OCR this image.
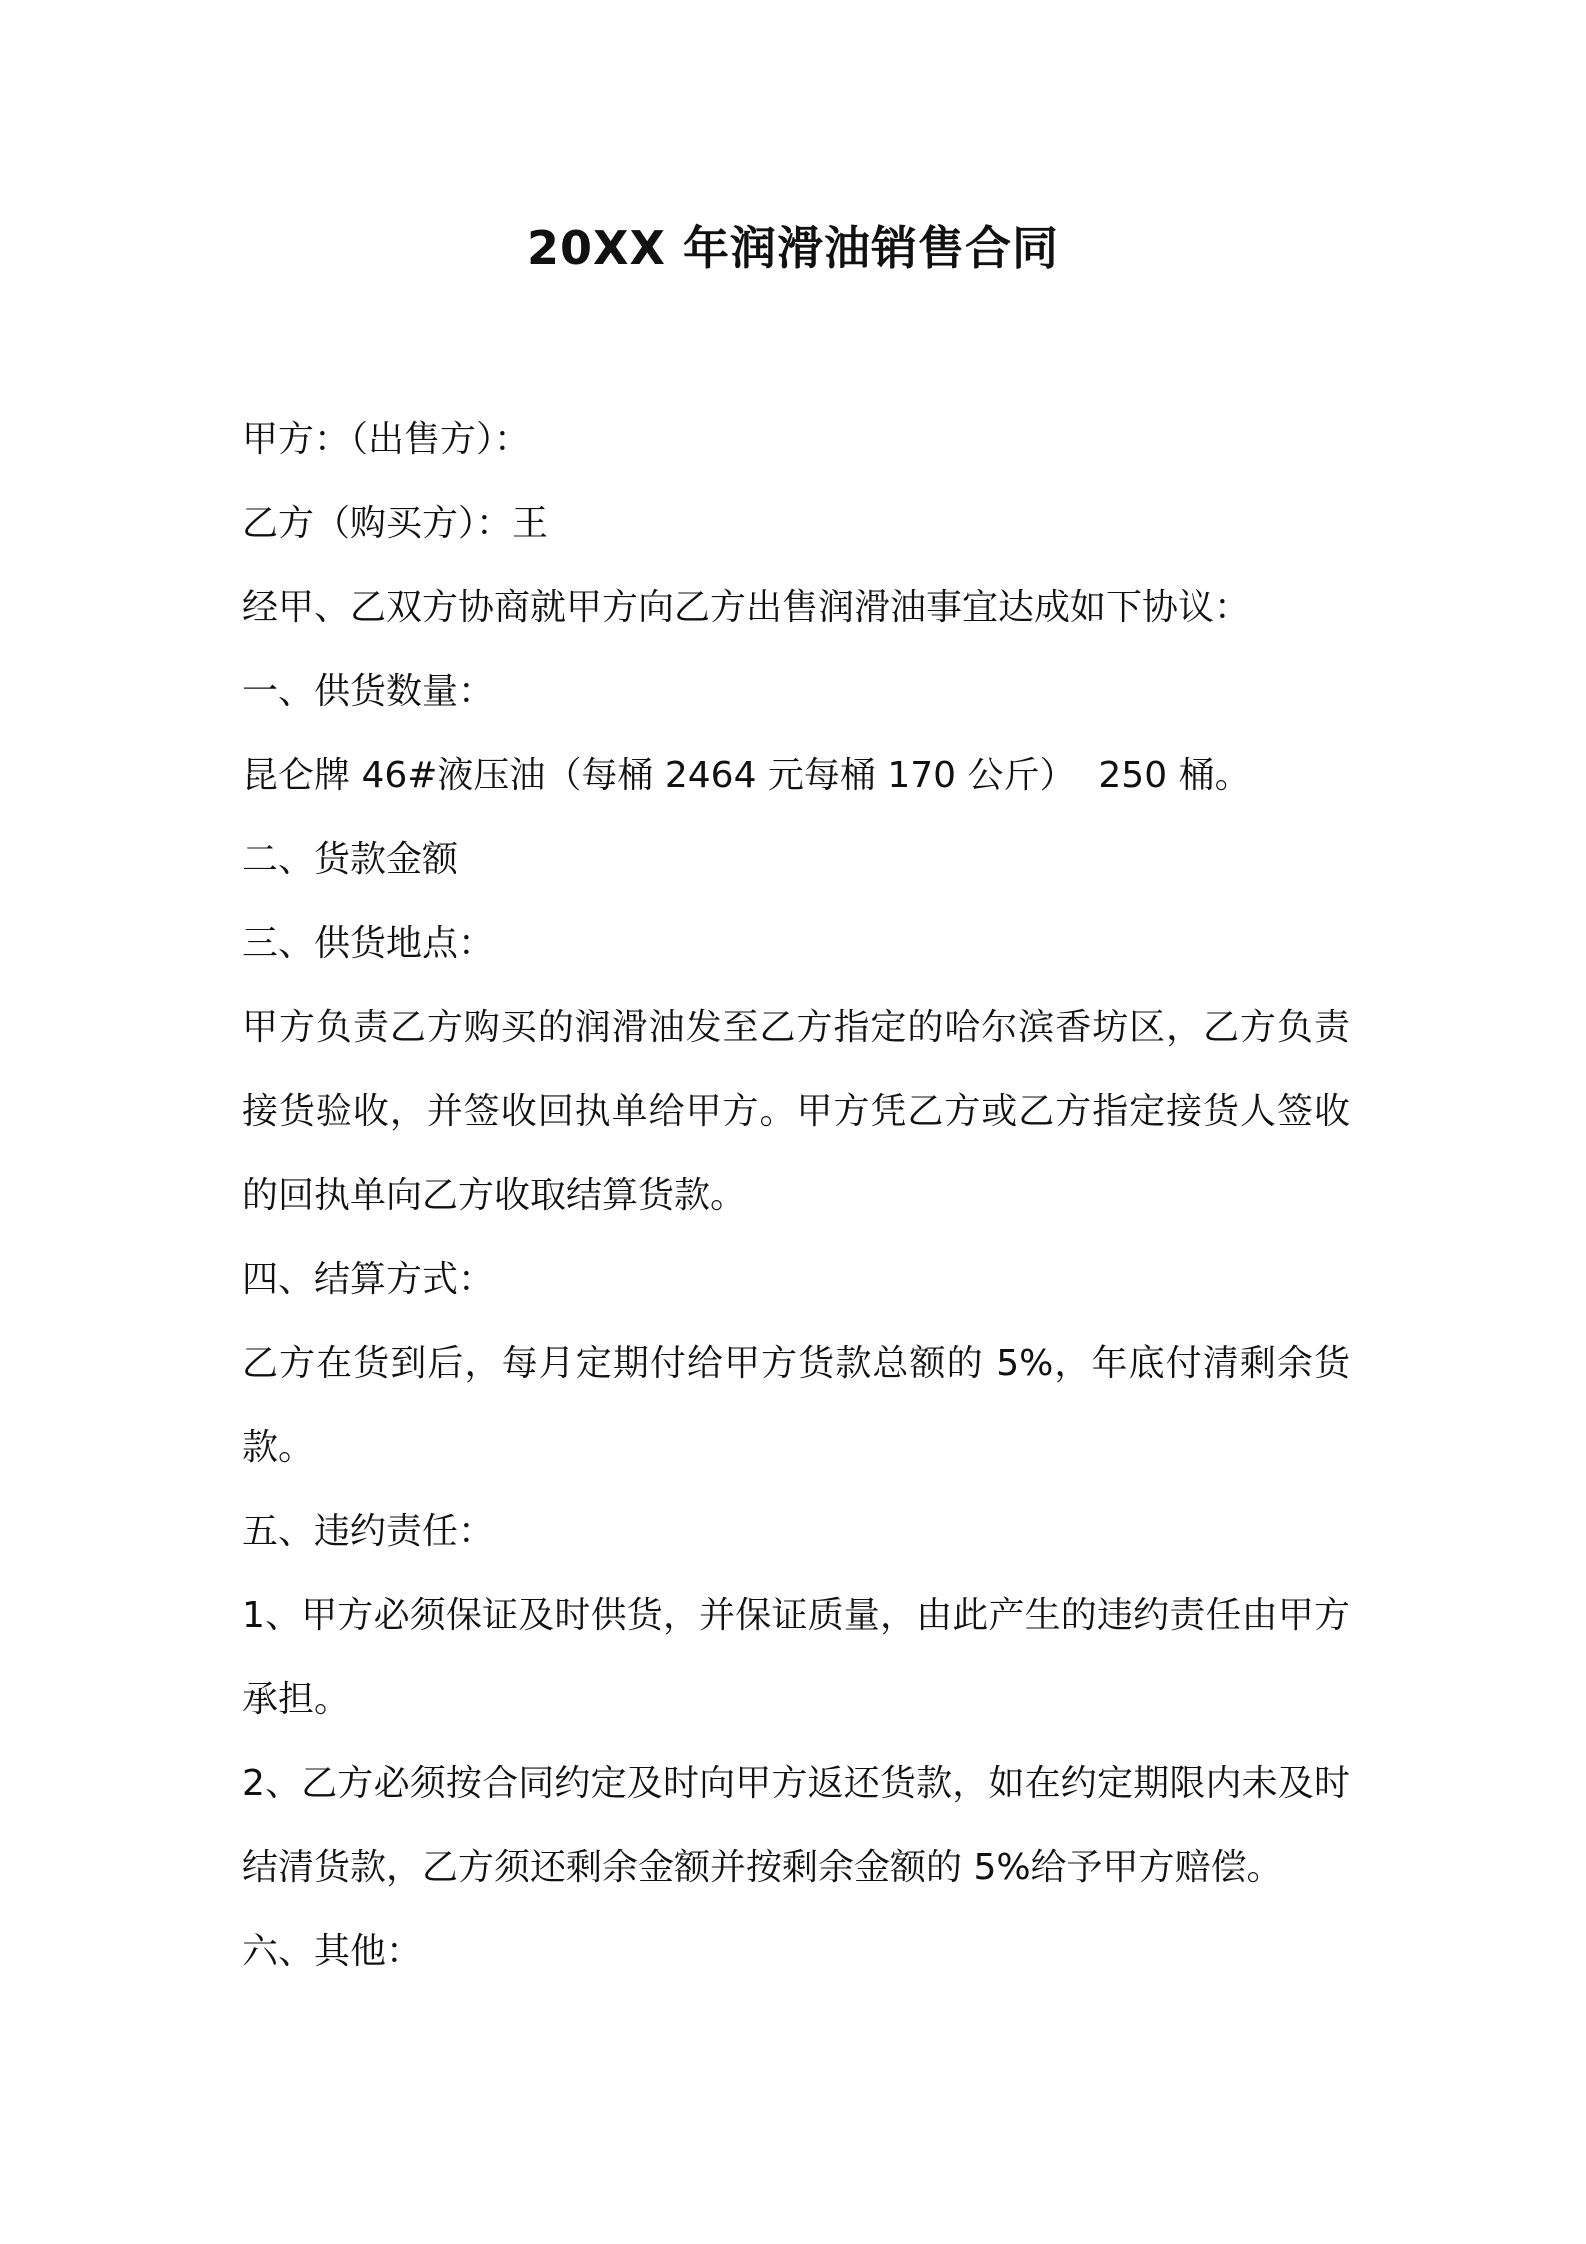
20XX 年润滑油销售合同

甲方：（出售方）：

乙方（购买方）：王

经甲、乙双方协商就甲方向乙方出售润滑油事宜达成如下协议：

一、供货数量：

昆仑牌 46#液压油（每桶 2464 元每桶 170 公斤）  250 桶。

二、货款金额

三、供货地点：

甲方负责乙方购买的润滑油发至乙方指定的哈尔滨香坊区，乙方负责接货验收，并签收回执单给甲方。甲方凭乙方或乙方指定接货人签收的回执单向乙方收取结算货款。

四、结算方式：

乙方在货到后，每月定期付给甲方货款总额的 5%，年底付清剩余货款。

五、违约责任：

1、甲方必须保证及时供货，并保证质量，由此产生的违约责任由甲方承担。

2、乙方必须按合同约定及时向甲方返还货款，如在约定期限内未及时结清货款，乙方须还剩余金额并按剩余金额的 5%给予甲方赔偿。

六、其他：
